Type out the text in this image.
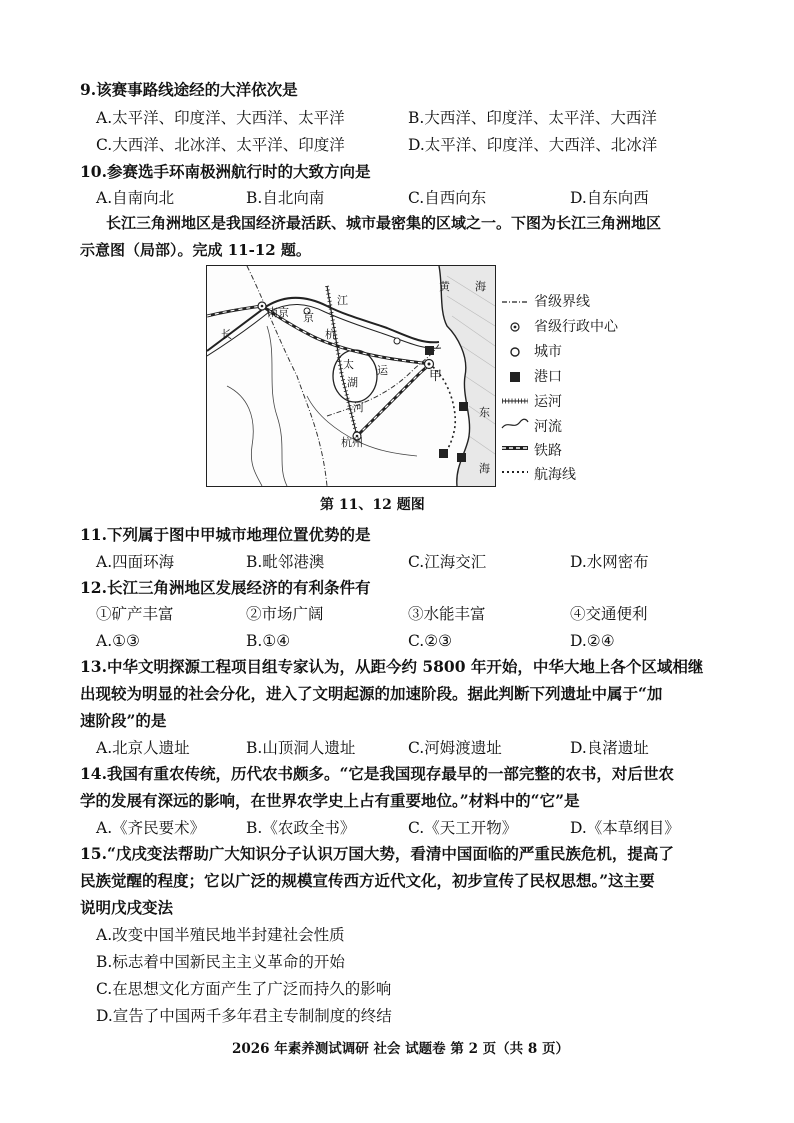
9.该赛事路线途经的大洋依次是
A.太平洋、印度洋、大西洋、太平洋	B.大西洋、印度洋、太平洋、大西洋
C.大西洋、北冰洋、太平洋、印度洋	D.太平洋、印度洋、大西洋、北冰洋
10.参赛选手环南极洲航行时的大致方向是
A.自南向北	B.自北向南	C.自西向东	D.自东向西
长江三角洲地区是我国经济最活跃、城市最密集的区域之一。下图为长江三角洲地区
示意图（局部）。完成 11-12 题。
黄 海
江
南京 京
长	杭
太
湖
运	甲
河	东
杭州
海
省级界线
省级行政中心
城市
港口
运河
河流
铁路
航海线
第 11、12 题图
11.下列属于图中甲城市地理位置优势的是
A.四面环海	B.毗邻港澳	C.江海交汇	D.水网密布
12.长江三角洲地区发展经济的有利条件有
①矿产丰富	②市场广阔	③水能丰富	④交通便利
A.①③	B.①④	C.②③	D.②④
13.中华文明探源工程项目组专家认为，从距今约 5800 年开始，中华大地上各个区域相继
出现较为明显的社会分化，进入了文明起源的加速阶段。据此判断下列遗址中属于“加
速阶段”的是
A.北京人遗址	B.山顶洞人遗址	C.河姆渡遗址	D.良渚遗址
14.我国有重农传统，历代农书颇多。“它是我国现存最早的一部完整的农书，对后世农
学的发展有深远的影响，在世界农学史上占有重要地位。”材料中的“它”是
A.《齐民要术》	B.《农政全书》	C.《天工开物》	D.《本草纲目》
15.“戊戌变法帮助广大知识分子认识万国大势，看清中国面临的严重民族危机，提高了
民族觉醒的程度；它以广泛的规模宣传西方近代文化，初步宣传了民权思想。”这主要
说明戊戌变法
A.改变中国半殖民地半封建社会性质
B.标志着中国新民主主义革命的开始
C.在思想文化方面产生了广泛而持久的影响
D.宣告了中国两千多年君主专制制度的终结
2026 年素养测试调研 社会 试题卷 第 2 页（共 8 页）
